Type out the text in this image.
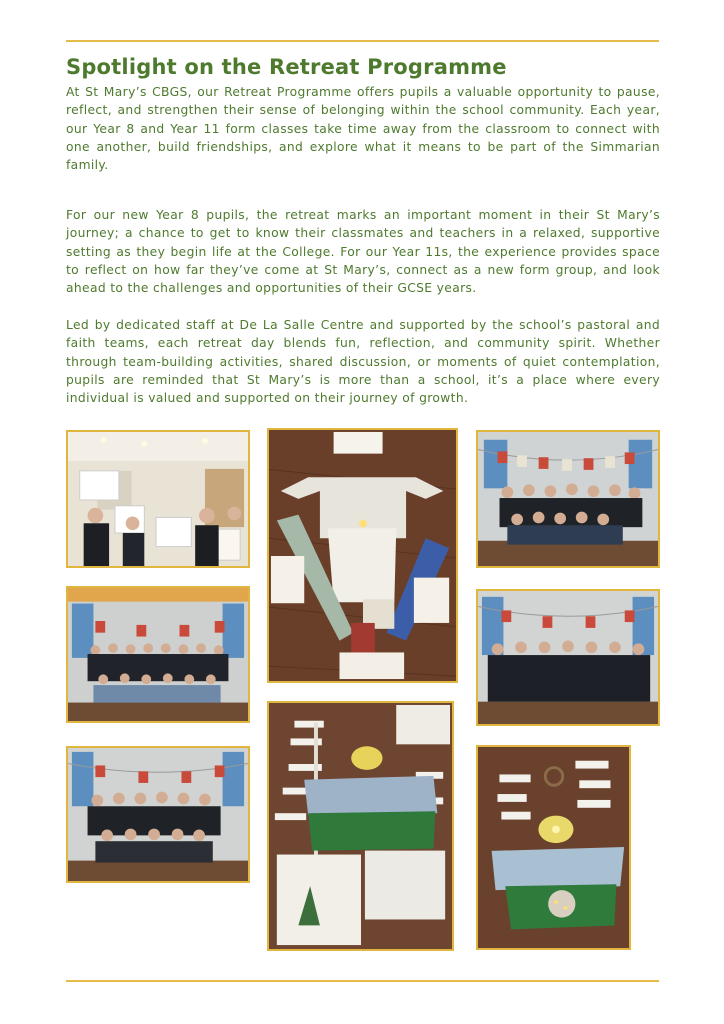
Spotlight on the Retreat Programme

At St Mary’s CBGS, our Retreat Programme offers pupils a valuable opportunity to pause, reflect, and strengthen their sense of belonging within the school community. Each year, our Year 8 and Year 11 form classes take time away from the classroom to connect with one another, build friendships, and explore what it means to be part of the Simmarian family.

For our new Year 8 pupils, the retreat marks an important moment in their St Mary’s journey; a chance to get to know their classmates and teachers in a relaxed, supportive setting as they begin life at the College. For our Year 11s, the experience provides space to reflect on how far they’ve come at St Mary’s, connect as a new form group, and look ahead to the challenges and opportunities of their GCSE years.

Led by dedicated staff at De La Salle Centre and supported by the school’s pastoral and faith teams, each retreat day blends fun, reflection, and community spirit. Whether through team-building activities, shared discussion, or moments of quiet contemplation, pupils are reminded that St Mary’s is more than a school, it’s a place where every individual is valued and supported on their journey of growth.
